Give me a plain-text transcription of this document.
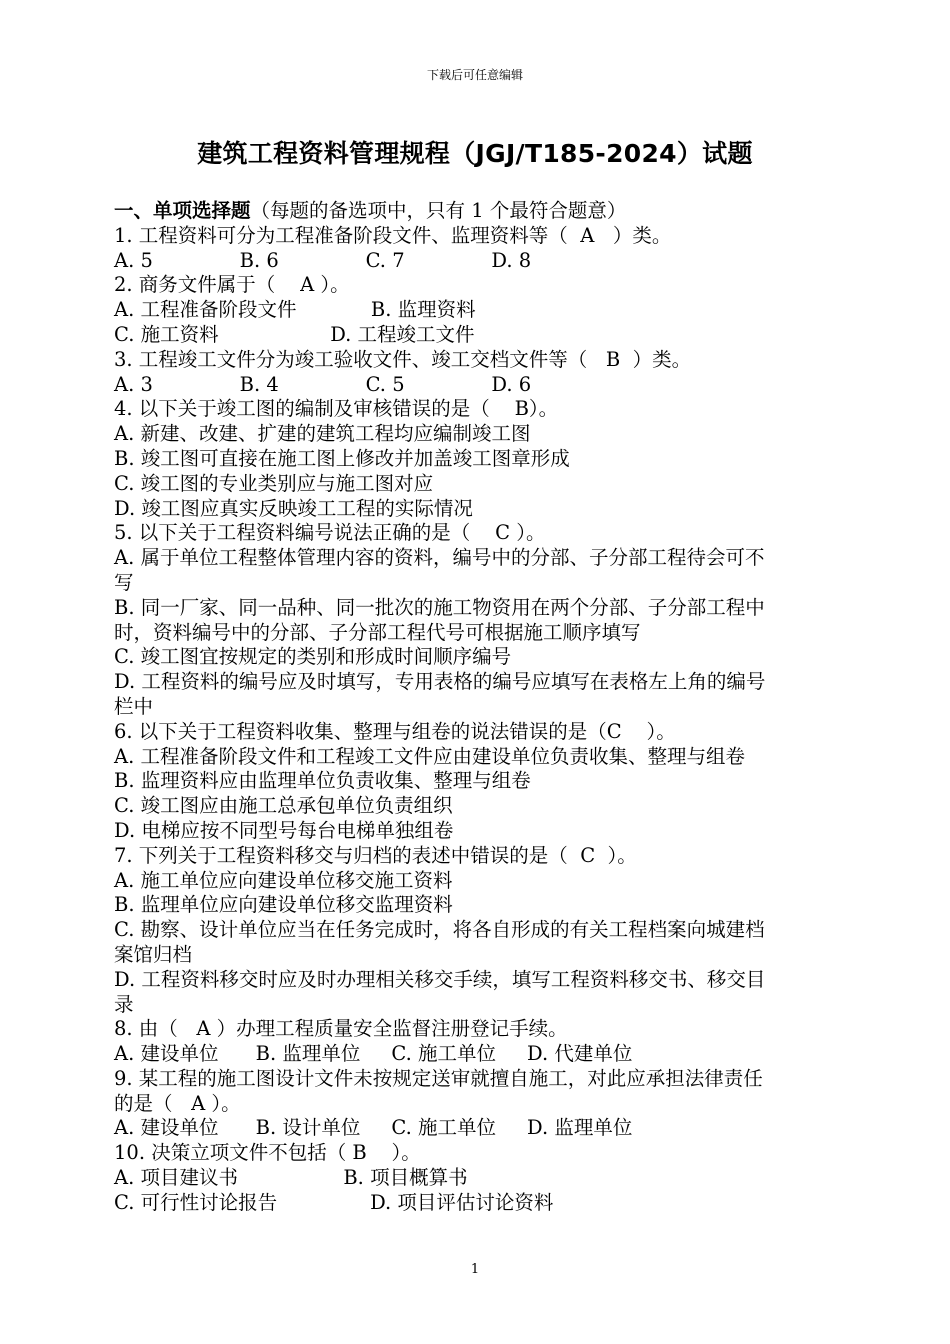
下载后可任意编辑
建筑工程资料管理规程（JGJ/T185-2024）试题
一、单项选择题（每题的备选项中，只有 1 个最符合题意）
1. 工程资料可分为工程准备阶段文件、监理资料等（  A   ）类。
A. 5              B. 6              C. 7              D. 8
2. 商务文件属于（    A ）。
A. 工程准备阶段文件            B. 监理资料
C. 施工资料                  D. 工程竣工文件
3. 工程竣工文件分为竣工验收文件、竣工交档文件等（   B  ）类。
A. 3              B. 4              C. 5              D. 6
4. 以下关于竣工图的编制及审核错误的是（    B）。
A. 新建、改建、扩建的建筑工程均应编制竣工图
B. 竣工图可直接在施工图上修改并加盖竣工图章形成
C. 竣工图的专业类别应与施工图对应
D. 竣工图应真实反映竣工工程的实际情况
5. 以下关于工程资料编号说法正确的是（    C ）。
A. 属于单位工程整体管理内容的资料，编号中的分部、子分部工程待会可不
写
B. 同一厂家、同一品种、同一批次的施工物资用在两个分部、子分部工程中
时，资料编号中的分部、子分部工程代号可根据施工顺序填写
C. 竣工图宜按规定的类别和形成时间顺序编号
D. 工程资料的编号应及时填写，专用表格的编号应填写在表格左上角的编号
栏中
6. 以下关于工程资料收集、整理与组卷的说法错误的是（C    ）。
A. 工程准备阶段文件和工程竣工文件应由建设单位负责收集、整理与组卷
B. 监理资料应由监理单位负责收集、整理与组卷
C. 竣工图应由施工总承包单位负责组织
D. 电梯应按不同型号每台电梯单独组卷
7. 下列关于工程资料移交与归档的表述中错误的是（  C  ）。
A. 施工单位应向建设单位移交施工资料
B. 监理单位应向建设单位移交监理资料
C. 勘察、设计单位应当在任务完成时，将各自形成的有关工程档案向城建档
案馆归档
D. 工程资料移交时应及时办理相关移交手续，填写工程资料移交书、移交目
录
8. 由（   A ）办理工程质量安全监督注册登记手续。
A. 建设单位      B. 监理单位     C. 施工单位     D. 代建单位
9. 某工程的施工图设计文件未按规定送审就擅自施工，对此应承担法律责任
的是（   A ）。
A. 建设单位      B. 设计单位     C. 施工单位     D. 监理单位
10. 决策立项文件不包括（ B    ）。
A. 项目建议书                 B. 项目概算书
C. 可行性讨论报告               D. 项目评估讨论资料
1
